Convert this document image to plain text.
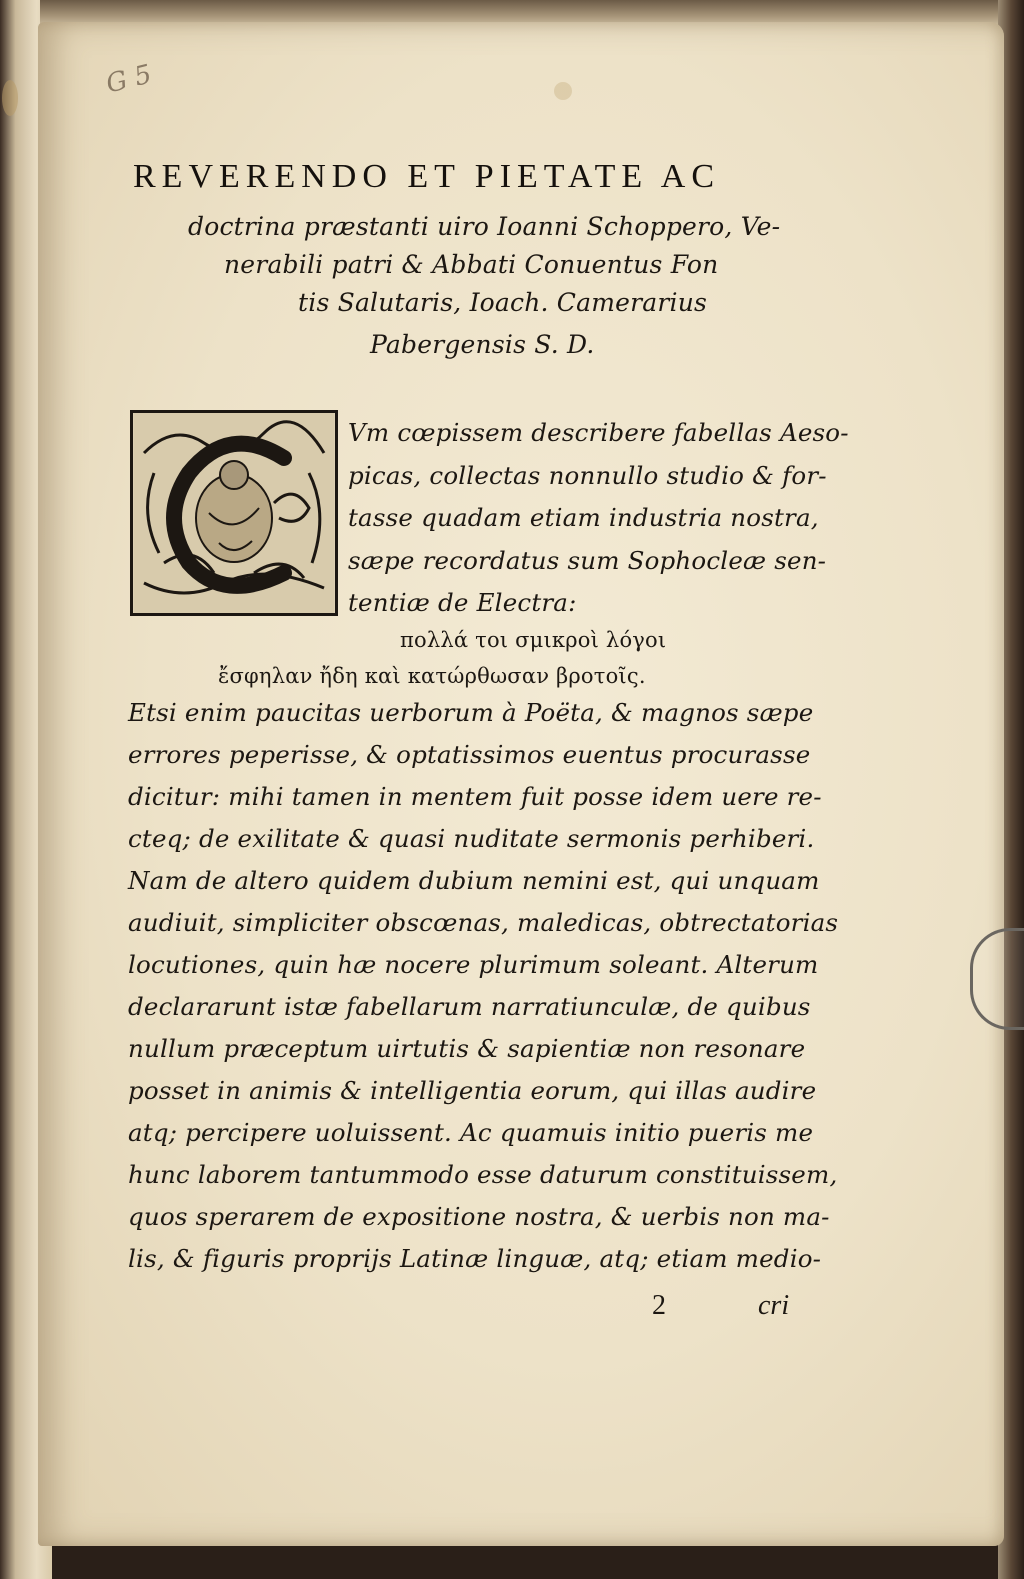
G 5
REVERENDO ET PIETATE AC
doctrina præstanti uiro Ioanni Schoppero, Ve-
nerabili patri & Abbati Conuentus Fon
tis Salutaris, Ioach. Camerarius
Pabergensis S. D.
Vm cœpissem describere fabellas Aeso-
picas, collectas nonnullo studio & for-
tasse quadam etiam industria nostra,
sæpe recordatus sum Sophocleæ sen-
tentiæ de Electra:
πολλά τοι σμικροὶ λόγοι
ἔσφηλαν ἤδη καὶ κατώρθωσαν βροτοῖς.
Etsi enim paucitas uerborum à Poëta, & magnos sæpe
errores peperisse, & optatissimos euentus procurasse
dicitur: mihi tamen in mentem fuit posse idem uere re-
cteq; de exilitate & quasi nuditate sermonis perhiberi.
Nam de altero quidem dubium nemini est, qui unquam
audiuit, simpliciter obscœnas, maledicas, obtrectatorias
locutiones, quin hæ nocere plurimum soleant. Alterum
declararunt istæ fabellarum narratiunculæ, de quibus
nullum præceptum uirtutis & sapientiæ non resonare
posset in animis & intelligentia eorum, qui illas audire
atq; percipere uoluissent. Ac quamuis initio pueris me
hunc laborem tantummodo esse daturum constituissem,
quos sperarem de expositione nostra, & uerbis non ma-
lis, & figuris proprijs Latinæ linguæ, atq; etiam medio-
2	cri
